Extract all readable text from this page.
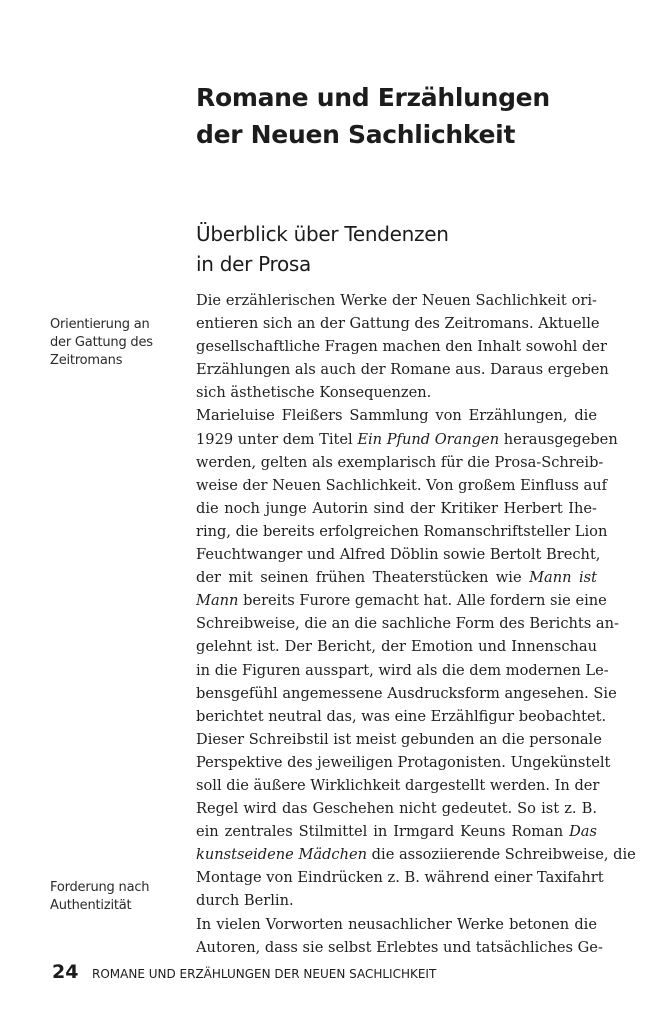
Romane und Erzählungen
der Neuen Sachlichkeit
Überblick über Tendenzen
in der Prosa
Orientierung an
der Gattung des
Zeitromans
Forderung nach
Authentizität
Die erzählerischen Werke der Neuen Sachlichkeit ori-
entieren sich an der Gattung des Zeitromans. Aktuelle
gesellschaftliche Fragen machen den Inhalt sowohl der
Erzählungen als auch der Romane aus. Daraus ergeben
sich ästhetische Konsequenzen.
Marieluise Fleißers Sammlung von Erzählungen, die
1929 unter dem Titel Ein Pfund Orangen herausgegeben
werden, gelten als exemplarisch für die Prosa-Schreib-
weise der Neuen Sachlichkeit. Von großem Einfluss auf
die noch junge Autorin sind der Kritiker Herbert Ihe-
ring, die bereits erfolgreichen Romanschriftsteller Lion
Feuchtwanger und Alfred Döblin sowie Bertolt Brecht,
der mit seinen frühen Theaterstücken wie Mann ist
Mann bereits Furore gemacht hat. Alle fordern sie eine
Schreibweise, die an die sachliche Form des Berichts an-
gelehnt ist. Der Bericht, der Emotion und Innenschau
in die Figuren ausspart, wird als die dem modernen Le-
bensgefühl angemessene Ausdrucksform angesehen. Sie
berichtet neutral das, was eine Erzählfigur beobachtet.
Dieser Schreibstil ist meist gebunden an die personale
Perspektive des jeweiligen Protagonisten. Ungekünstelt
soll die äußere Wirklichkeit dargestellt werden. In der
Regel wird das Geschehen nicht gedeutet. So ist z. B.
ein zentrales Stilmittel in Irmgard Keuns Roman Das
kunstseidene Mädchen die assoziierende Schreibweise, die
Montage von Eindrücken z. B. während einer Taxifahrt
durch Berlin.
In vielen Vorworten neusachlicher Werke betonen die
Autoren, dass sie selbst Erlebtes und tatsächliches Ge-
24	ROMANE UND ERZÄHLUNGEN DER NEUEN SACHLICHKEIT
